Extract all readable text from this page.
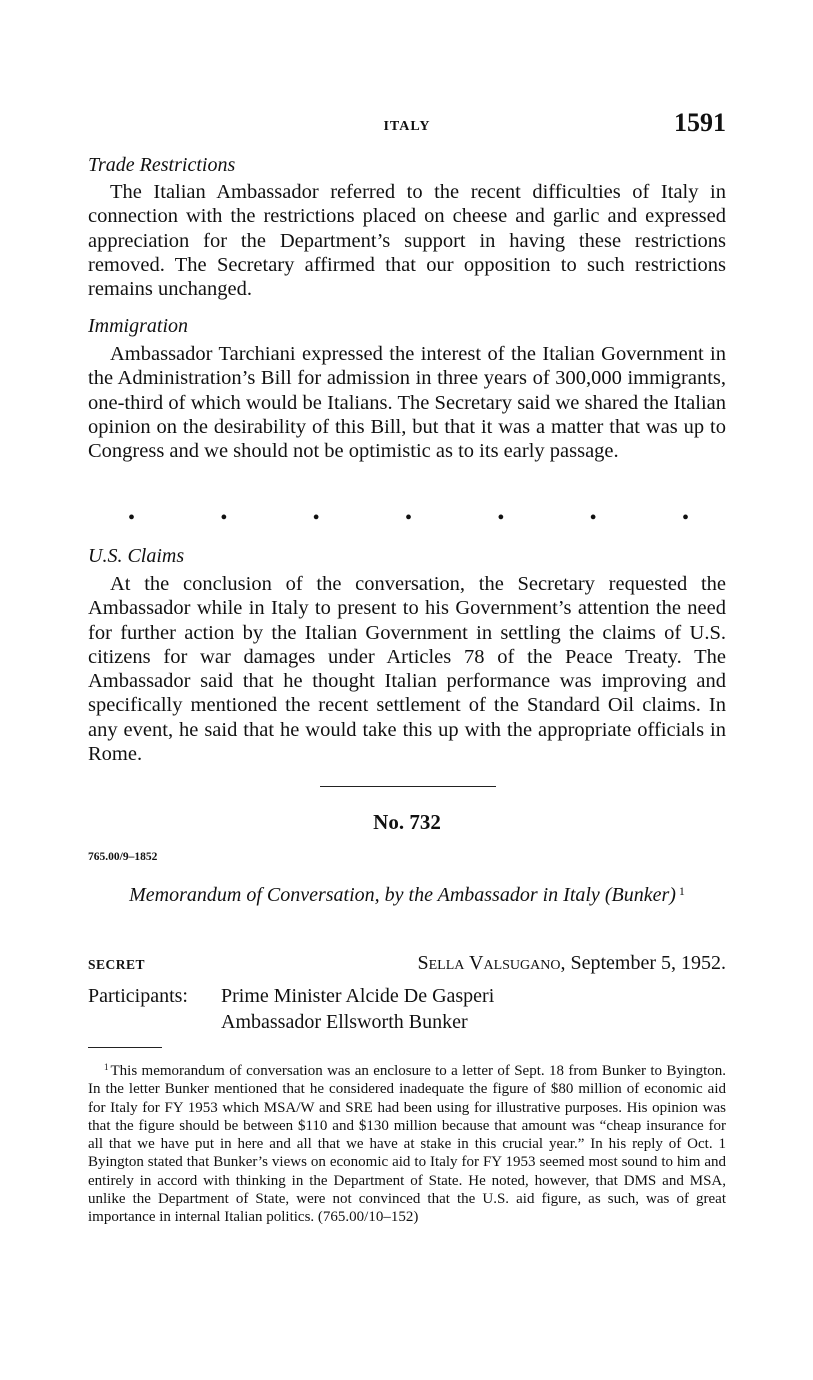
ITALY	1591
Trade Restrictions

The Italian Ambassador referred to the recent difficulties of Italy in connection with the restrictions placed on cheese and garlic and expressed appreciation for the Department’s support in having these restrictions removed. The Secretary affirmed that our opposition to such restrictions remains unchanged.

Immigration

Ambassador Tarchiani expressed the interest of the Italian Government in the Administration’s Bill for admission in three years of 300,000 immigrants, one-third of which would be Italians. The Secretary said we shared the Italian opinion on the desirability of this Bill, but that it was a matter that was up to Congress and we should not be optimistic as to its early passage.

•	•	•	•	•	•	•
U.S. Claims

At the conclusion of the conversation, the Secretary requested the Ambassador while in Italy to present to his Government’s attention the need for further action by the Italian Government in settling the claims of U.S. citizens for war damages under Articles 78 of the Peace Treaty. The Ambassador said that he thought Italian performance was improving and specifically mentioned the recent settlement of the Standard Oil claims. In any event, he said that he would take this up with the appropriate officials in Rome.

No. 732
765.00/9–1852
Memorandum of Conversation, by the Ambassador in Italy (Bunker) $^1$
SECRET	Sella Valsugano, September 5, 1952.
Participants: Prime Minister Alcide De Gasperi
Ambassador Ellsworth Bunker

$^1$ This memorandum of conversation was an enclosure to a letter of Sept. 18 from Bunker to Byington. In the letter Bunker mentioned that he considered inadequate the figure of $80 million of economic aid for Italy for FY 1953 which MSA/W and SRE had been using for illustrative purposes. His opinion was that the figure should be between $110 and $130 million because that amount was “cheap insurance for all that we have put in here and all that we have at stake in this crucial year.” In his reply of Oct. 1 Byington stated that Bunker’s views on economic aid to Italy for FY 1953 seemed most sound to him and entirely in accord with thinking in the Department of State. He noted, however, that DMS and MSA, unlike the Department of State, were not convinced that the U.S. aid figure, as such, was of great importance in internal Italian politics. (765.00/10–152)
